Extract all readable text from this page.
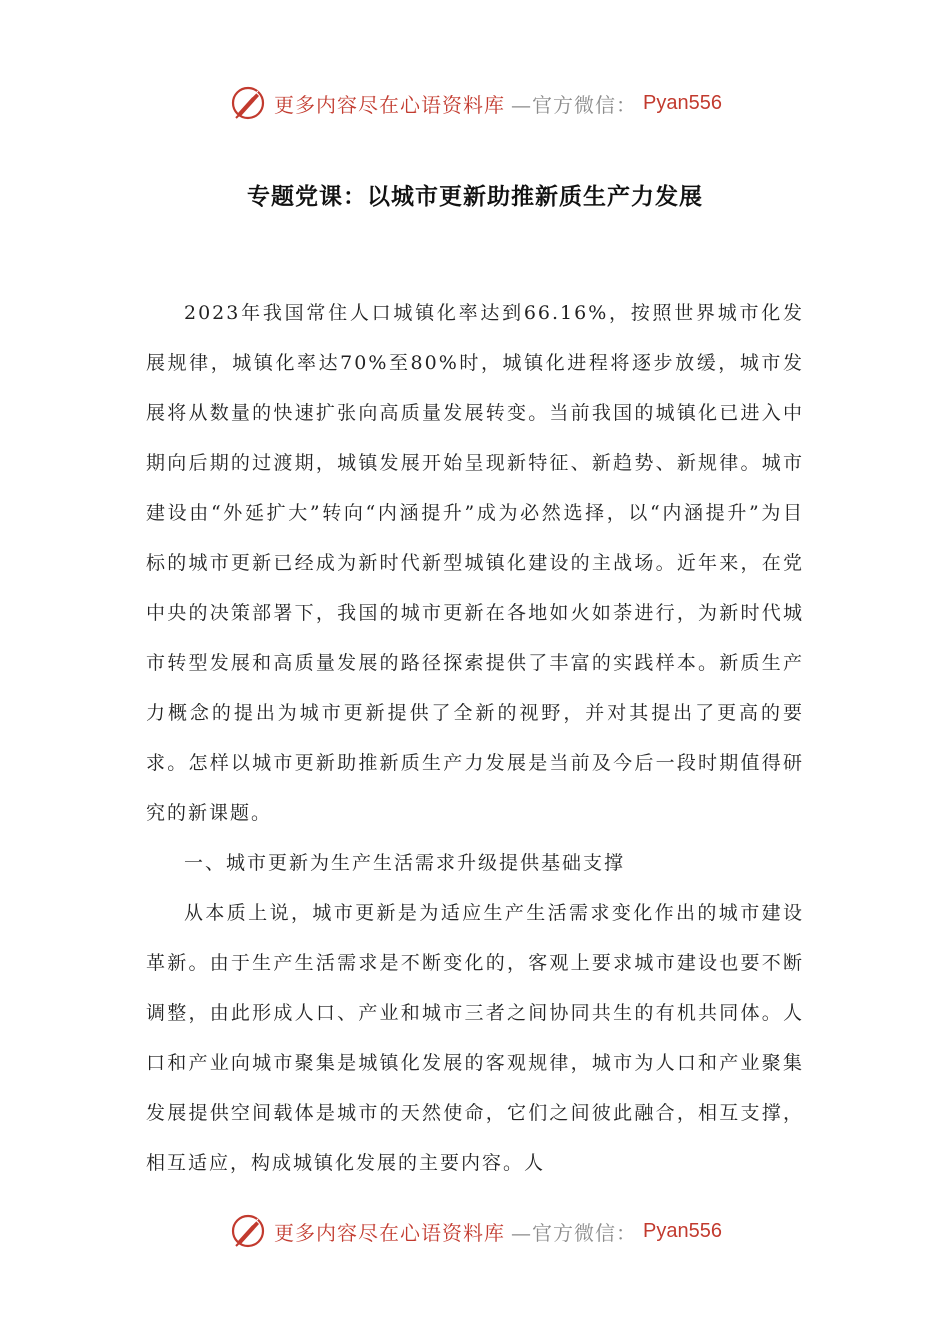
更多内容尽在心语资料库 —官方微信： Pyan556
专题党课：以城市更新助推新质生产力发展

2023年我国常住人口城镇化率达到66.16%，按照世界城市化发展规律，城镇化率达70%至80%时，城镇化进程将逐步放缓，城市发展将从数量的快速扩张向高质量发展转变。当前我国的城镇化已进入中期向后期的过渡期，城镇发展开始呈现新特征、新趋势、新规律。城市建设由“外延扩大”转向“内涵提升”成为必然选择，以“内涵提升”为目标的城市更新已经成为新时代新型城镇化建设的主战场。近年来，在党中央的决策部署下，我国的城市更新在各地如火如荼进行，为新时代城市转型发展和高质量发展的路径探索提供了丰富的实践样本。新质生产力概念的提出为城市更新提供了全新的视野，并对其提出了更高的要求。怎样以城市更新助推新质生产力发展是当前及今后一段时期值得研究的新课题。

一、城市更新为生产生活需求升级提供基础支撑

从本质上说，城市更新是为适应生产生活需求变化作出的城市建设革新。由于生产生活需求是不断变化的，客观上要求城市建设也要不断调整，由此形成人口、产业和城市三者之间协同共生的有机共同体。人口和产业向城市聚集是城镇化发展的客观规律，城市为人口和产业聚集发展提供空间载体是城市的天然使命，它们之间彼此融合，相互支撑，相互适应，构成城镇化发展的主要内容。人

更多内容尽在心语资料库 —官方微信： Pyan556
